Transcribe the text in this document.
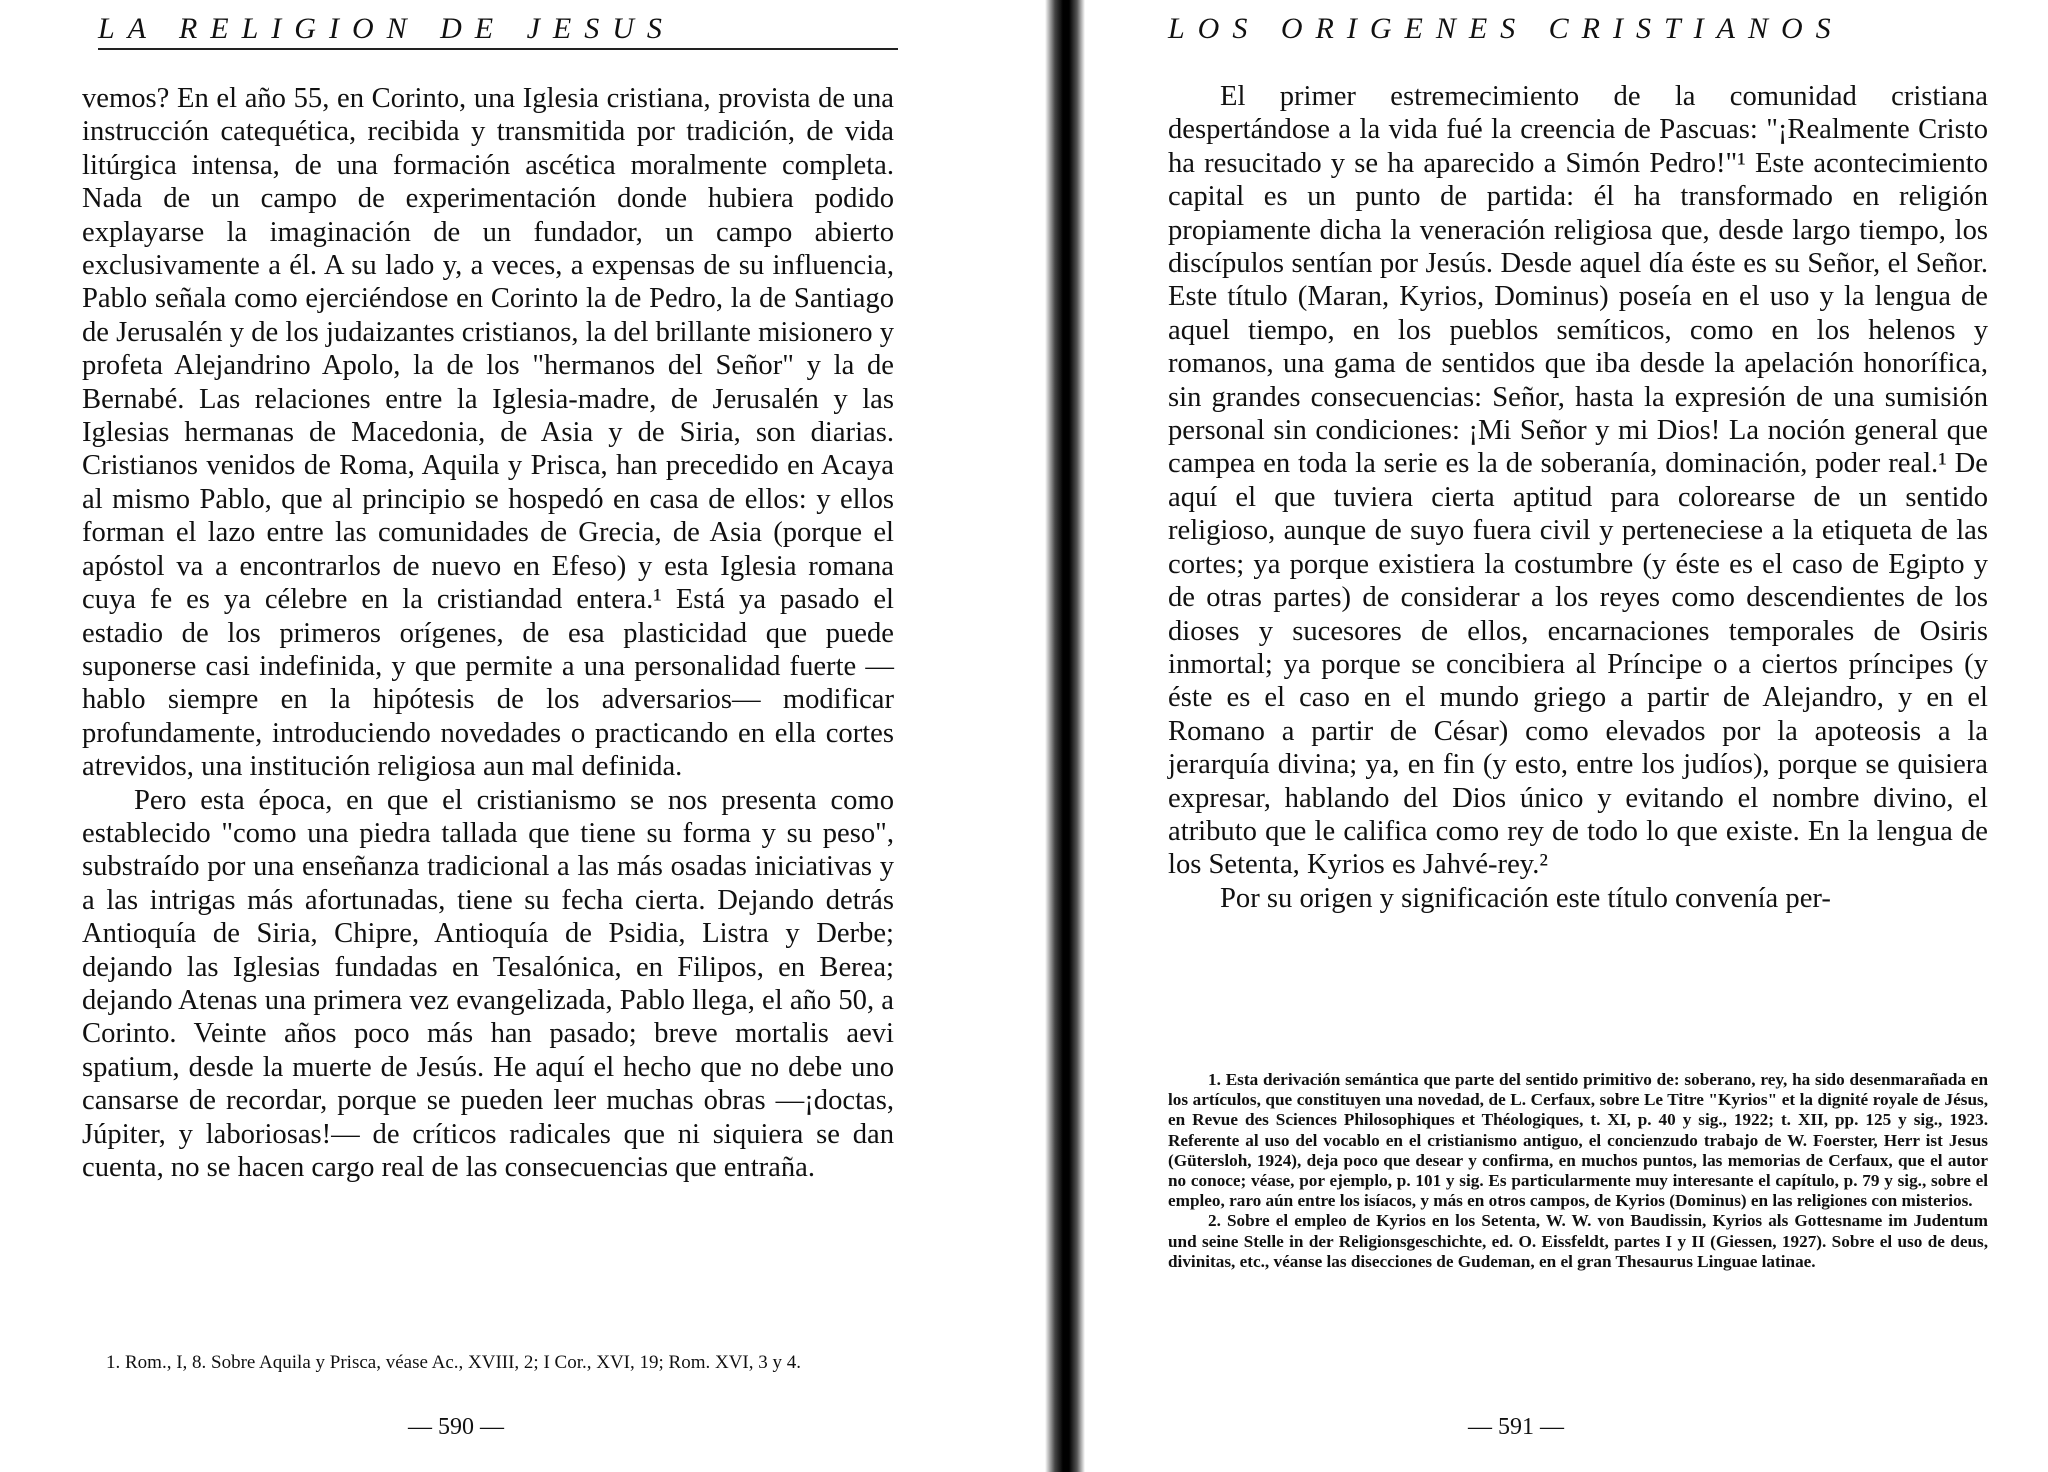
LA RELIGION DE JESUS

vemos? En el año 55, en Corinto, una Iglesia cristiana, provista de una instrucción catequética, recibida y transmitida por tradición, de vida litúrgica intensa, de una formación ascética moralmente completa. Nada de un campo de experimentación donde hubiera podido explayarse la imaginación de un fundador, un campo abierto exclusivamente a él. A su lado y, a veces, a expensas de su influencia, Pablo señala como ejerciéndose en Corinto la de Pedro, la de Santiago de Jerusalén y de los judaizantes cristianos, la del brillante misionero y profeta Alejandrino Apolo, la de los "hermanos del Señor" y la de Bernabé. Las relaciones entre la Iglesia-madre, de Jerusalén y las Iglesias hermanas de Macedonia, de Asia y de Siria, son diarias. Cristianos venidos de Roma, Aquila y Prisca, han precedido en Acaya al mismo Pablo, que al principio se hospedó en casa de ellos: y ellos forman el lazo entre las comunidades de Grecia, de Asia (porque el apóstol va a encontrarlos de nuevo en Efeso) y esta Iglesia romana cuya fe es ya célebre en la cristiandad entera.¹ Está ya pasado el estadio de los primeros orígenes, de esa plasticidad que puede suponerse casi indefinida, y que permite a una personalidad fuerte —hablo siempre en la hipótesis de los adversarios— modificar profundamente, introduciendo novedades o practicando en ella cortes atrevidos, una institución religiosa aun mal definida.

Pero esta época, en que el cristianismo se nos presenta como establecido "como una piedra tallada que tiene su forma y su peso", substraído por una enseñanza tradicional a las más osadas iniciativas y a las intrigas más afortunadas, tiene su fecha cierta. Dejando detrás Antioquía de Siria, Chipre, Antioquía de Psidia, Listra y Derbe; dejando las Iglesias fundadas en Tesalónica, en Filipos, en Berea; dejando Atenas una primera vez evangelizada, Pablo llega, el año 50, a Corinto. Veinte años poco más han pasado; breve mortalis aevi spatium, desde la muerte de Jesús. He aquí el hecho que no debe uno cansarse de recordar, porque se pueden leer muchas obras —¡doctas, Júpiter, y laboriosas!— de críticos radicales que ni siquiera se dan cuenta, no se hacen cargo real de las consecuencias que entraña.

1. Rom., I, 8. Sobre Aquila y Prisca, véase Ac., XVIII, 2; I Cor., XVI, 19; Rom. XVI, 3 y 4.

— 590 —
LOS ORIGENES CRISTIANOS

El primer estremecimiento de la comunidad cristiana despertándose a la vida fué la creencia de Pascuas: "¡Realmente Cristo ha resucitado y se ha aparecido a Simón Pedro!"¹ Este acontecimiento capital es un punto de partida: él ha transformado en religión propiamente dicha la veneración religiosa que, desde largo tiempo, los discípulos sentían por Jesús. Desde aquel día éste es su Señor, el Señor. Este título (Maran, Kyrios, Dominus) poseía en el uso y la lengua de aquel tiempo, en los pueblos semíticos, como en los helenos y romanos, una gama de sentidos que iba desde la apelación honorífica, sin grandes consecuencias: Señor, hasta la expresión de una sumisión personal sin condiciones: ¡Mi Señor y mi Dios! La noción general que campea en toda la serie es la de soberanía, dominación, poder real.¹ De aquí el que tuviera cierta aptitud para colorearse de un sentido religioso, aunque de suyo fuera civil y perteneciese a la etiqueta de las cortes; ya porque existiera la costumbre (y éste es el caso de Egipto y de otras partes) de considerar a los reyes como descendientes de los dioses y sucesores de ellos, encarnaciones temporales de Osiris inmortal; ya porque se concibiera al Príncipe o a ciertos príncipes (y éste es el caso en el mundo griego a partir de Alejandro, y en el Romano a partir de César) como elevados por la apoteosis a la jerarquía divina; ya, en fin (y esto, entre los judíos), porque se quisiera expresar, hablando del Dios único y evitando el nombre divino, el atributo que le califica como rey de todo lo que existe. En la lengua de los Setenta, Kyrios es Jahvé-rey.²

Por su origen y significación este título convenía per-

1. Esta derivación semántica que parte del sentido primitivo de: soberano, rey, ha sido desenmarañada en los artículos, que constituyen una novedad, de L. Cerfaux, sobre Le Titre "Kyrios" et la dignité royale de Jésus, en Revue des Sciences Philosophiques et Théologiques, t. XI, p. 40 y sig., 1922; t. XII, pp. 125 y sig., 1923. Referente al uso del vocablo en el cristianismo antiguo, el concienzudo trabajo de W. Foerster, Herr ist Jesus (Gütersloh, 1924), deja poco que desear y confirma, en muchos puntos, las memorias de Cerfaux, que el autor no conoce; véase, por ejemplo, p. 101 y sig. Es particularmente muy interesante el capítulo, p. 79 y sig., sobre el empleo, raro aún entre los isíacos, y más en otros campos, de Kyrios (Dominus) en las religiones con misterios.

2. Sobre el empleo de Kyrios en los Setenta, W. W. von Baudissin, Kyrios als Gottesname im Judentum und seine Stelle in der Religionsgeschichte, ed. O. Eissfeldt, partes I y II (Giessen, 1927). Sobre el uso de deus, divinitas, etc., véanse las disecciones de Gudeman, en el gran Thesaurus Linguae latinae.

— 591 —
